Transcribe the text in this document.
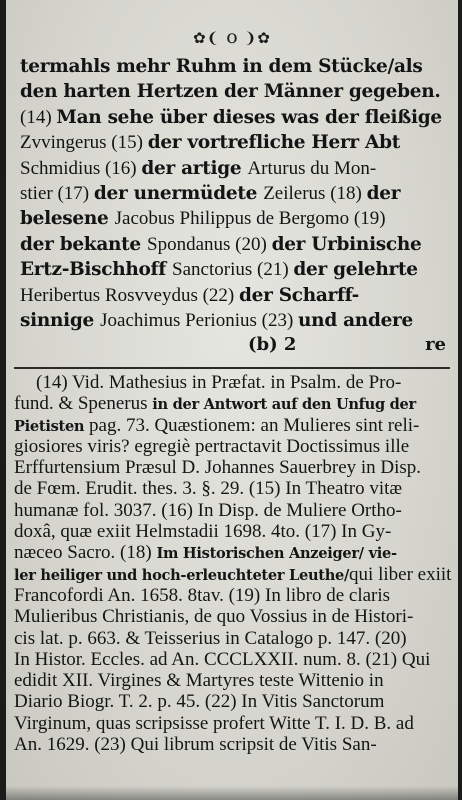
✿❨ o ❩✿
termahls mehr Ruhm in dem Stücke/als
den harten Hertzen der Männer gegeben.
(14) Man sehe über dieses was der fleißige
Zvvingerus (15) der vortrefliche Herr Abt
Schmidius (16) der artige Arturus du Mon-
stier (17) der unermüdete Zeilerus (18) der
belesene Jacobus Philippus de Bergomo (19)
der bekante Spondanus (20) der Urbinische
Ertz-Bischhoff Sanctorius (21) der gelehrte
Heribertus Rosvveydus (22) der Scharff-
sinnige Joachimus Perionius (23) und andere
(b) 2	re
(14) Vid. Mathesius in Præfat. in Psalm. de Pro-
fund. & Spenerus in der Antwort auf den Unfug der
Pietisten pag. 73. Quæstionem: an Mulieres sint reli-
giosiores viris? egregiè pertractavit Doctissimus ille
Erffurtensium Præsul D. Johannes Sauerbrey in Disp.
de Fœm. Erudit. thes. 3. §. 29. (15) In Theatro vitæ
humanæ fol. 3037. (16) In Disp. de Muliere Ortho-
doxâ, quæ exiit Helmstadii 1698. 4to. (17) In Gy-
næceo Sacro. (18) Im Historischen Anzeiger/ vie-
ler heiliger und hoch-erleuchteter Leuthe/qui liber exiit
Francofordi An. 1658. 8tav. (19) In libro de claris
Mulieribus Christianis, de quo Vossius in de Histori-
cis lat. p. 663. & Teisserius in Catalogo p. 147. (20)
In Histor. Eccles. ad An. CCCLXXII. num. 8. (21) Qui
edidit XII. Virgines & Martyres teste Wittenio in
Diario Biogr. T. 2. p. 45. (22) In Vitis Sanctorum
Virginum, quas scripsisse profert Witte T. I. D. B. ad
An. 1629. (23) Qui librum scripsit de Vitis San-
